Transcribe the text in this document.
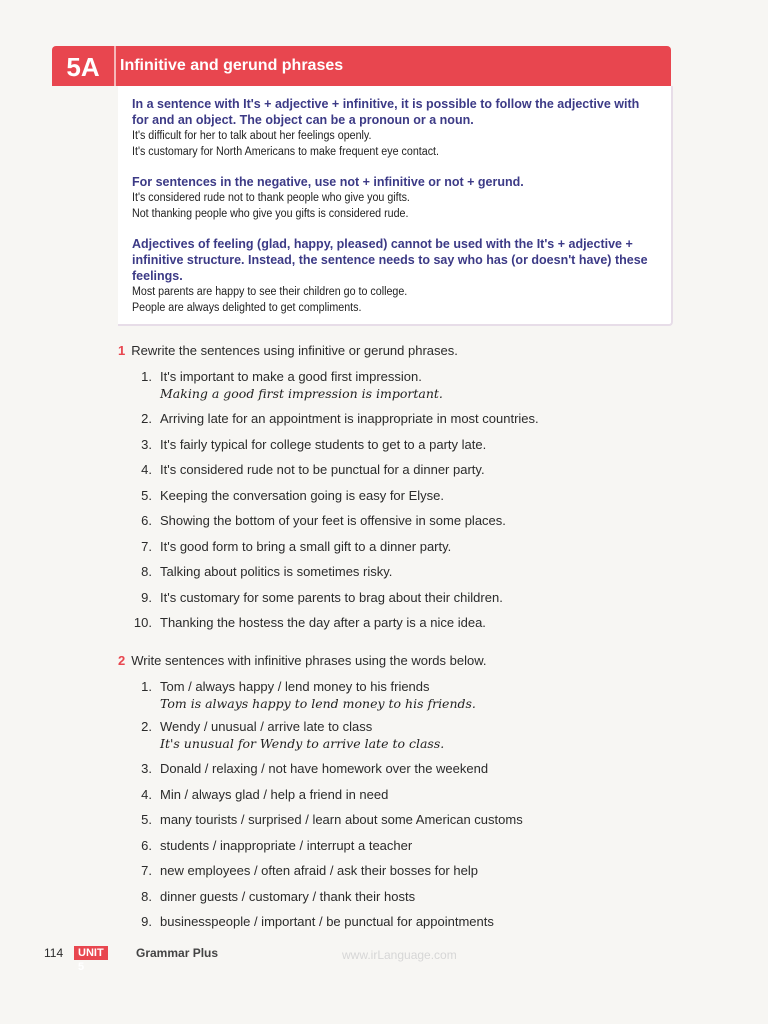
5A	Infinitive and gerund phrases

In a sentence with It's + adjective + infinitive, it is possible to follow the adjective with for and an object. The object can be a pronoun or a noun.

It's difficult for her to talk about her feelings openly.

It's customary for North Americans to make frequent eye contact.

For sentences in the negative, use not + infinitive or not + gerund.

It's considered rude not to thank people who give you gifts.

Not thanking people who give you gifts is considered rude.

Adjectives of feeling (glad, happy, pleased) cannot be used with the It's + adjective + infinitive structure. Instead, the sentence needs to say who has (or doesn't have) these feelings.

Most parents are happy to see their children go to college.

People are always delighted to get compliments.

1 Rewrite the sentences using infinitive or gerund phrases.

1. It's important to make a good first impression.
Making a good first impression is important.
2. Arriving late for an appointment is inappropriate in most countries.
3. It's fairly typical for college students to get to a party late.
4. It's considered rude not to be punctual for a dinner party.
5. Keeping the conversation going is easy for Elyse.
6. Showing the bottom of your feet is offensive in some places.
7. It's good form to bring a small gift to a dinner party.
8. Talking about politics is sometimes risky.
9. It's customary for some parents to brag about their children.
10. Thanking the hostess the day after a party is a nice idea.

2 Write sentences with infinitive phrases using the words below.

1. Tom / always happy / lend money to his friends
Tom is always happy to lend money to his friends.
2. Wendy / unusual / arrive late to class
It's unusual for Wendy to arrive late to class.
3. Donald / relaxing / not have homework over the weekend
4. Min / always glad / help a friend in need
5. many tourists / surprised / learn about some American customs
6. students / inappropriate / interrupt a teacher
7. new employees / often afraid / ask their bosses for help
8. dinner guests / customary / thank their hosts
9. businesspeople / important / be punctual for appointments
114	UNIT 5
Grammar Plus	www.irLanguage.com
